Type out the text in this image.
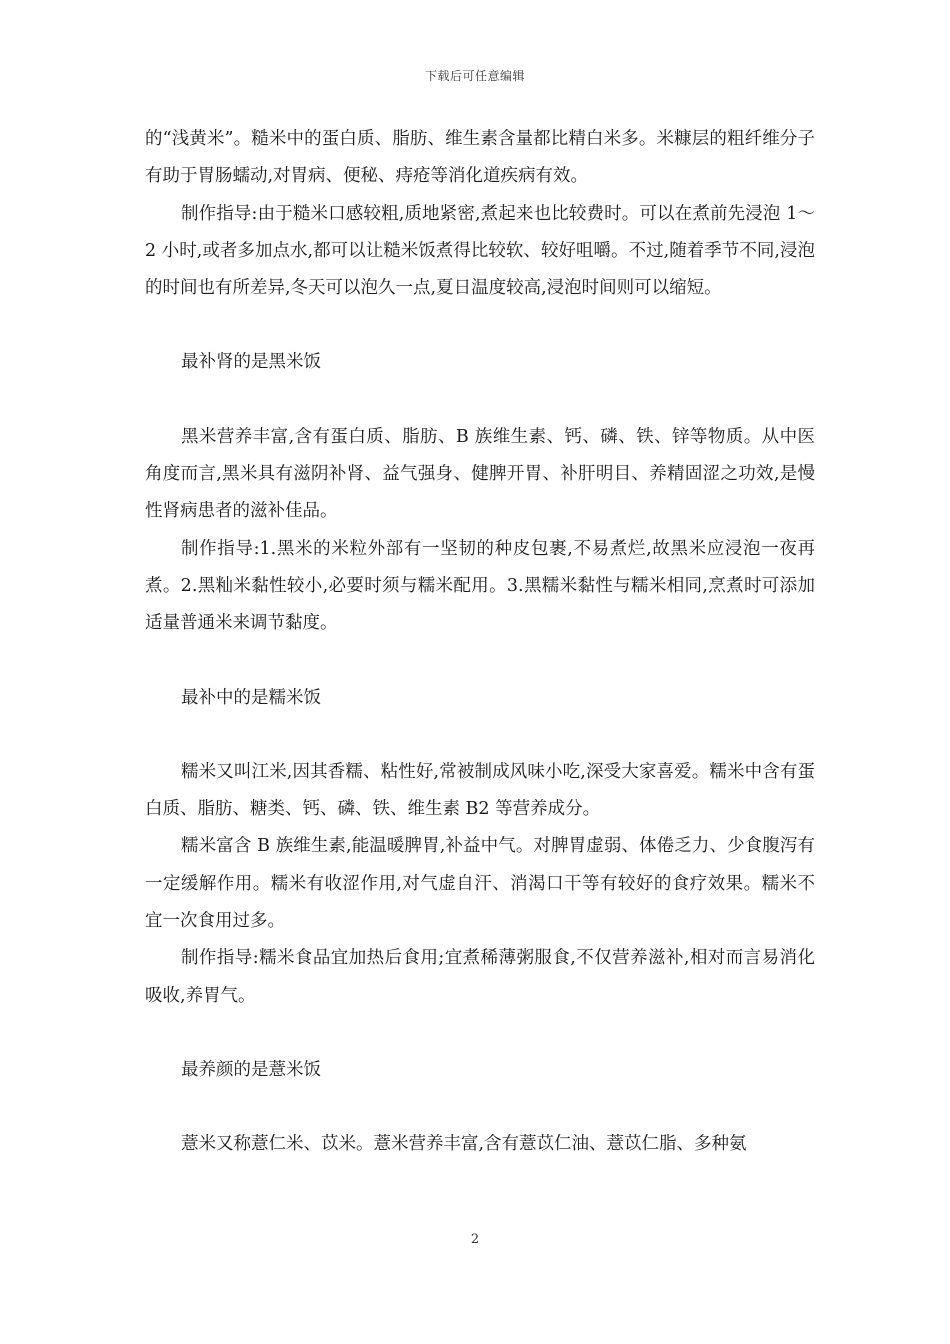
下载后可任意编辑

的“浅黄米”。糙米中的蛋白质、脂肪、维生素含量都比精白米多。米糠层的粗纤维分子有助于胃肠蠕动,对胃病、便秘、痔疮等消化道疾病有效。

制作指导:由于糙米口感较粗,质地紧密,煮起来也比较费时。可以在煮前先浸泡 1～2 小时,或者多加点水,都可以让糙米饭煮得比较软、较好咀嚼。不过,随着季节不同,浸泡的时间也有所差异,冬天可以泡久一点,夏日温度较高,浸泡时间则可以缩短。

最补肾的是黑米饭

黑米营养丰富,含有蛋白质、脂肪、B 族维生素、钙、磷、铁、锌等物质。从中医角度而言,黑米具有滋阴补肾、益气强身、健脾开胃、补肝明目、养精固涩之功效,是慢性肾病患者的滋补佳品。

制作指导:1.黑米的米粒外部有一坚韧的种皮包裹,不易煮烂,故黑米应浸泡一夜再煮。2.黑籼米黏性较小,必要时须与糯米配用。3.黑糯米黏性与糯米相同,烹煮时可添加适量普通米来调节黏度。

最补中的是糯米饭

糯米又叫江米,因其香糯、粘性好,常被制成风味小吃,深受大家喜爱。糯米中含有蛋白质、脂肪、糖类、钙、磷、铁、维生素 B2 等营养成分。

糯米富含 B 族维生素,能温暖脾胃,补益中气。对脾胃虚弱、体倦乏力、少食腹泻有一定缓解作用。糯米有收涩作用,对气虚自汗、消渴口干等有较好的食疗效果。糯米不宜一次食用过多。

制作指导:糯米食品宜加热后食用;宜煮稀薄粥服食,不仅营养滋补,相对而言易消化吸收,养胃气。

最养颜的是薏米饭

薏米又称薏仁米、苡米。薏米营养丰富,含有薏苡仁油、薏苡仁脂、多种氨

2
